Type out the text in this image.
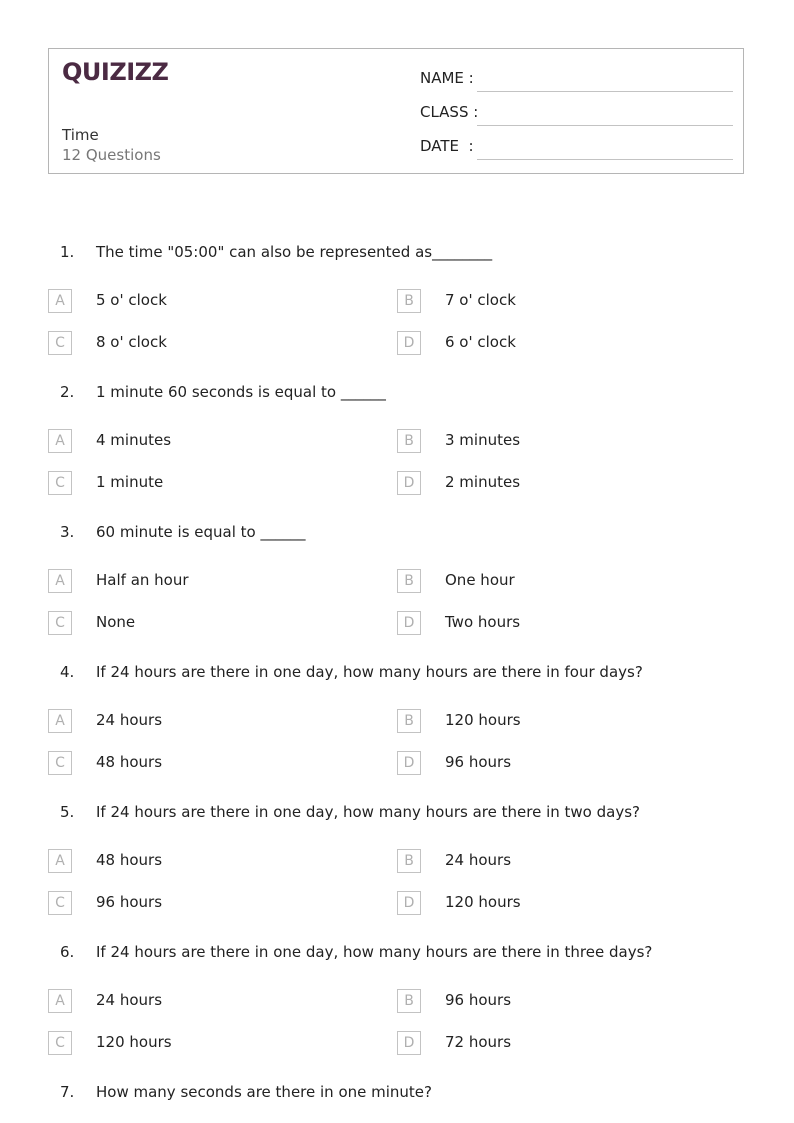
QUIZIZZ
Time
12 Questions
NAME :
CLASS :
DATE  :
1. The time "05:00" can also be represented as________
A	5 o' clock	B	7 o' clock
C	8 o' clock	D	6 o' clock
2. 1 minute 60 seconds is equal to ______
A	4 minutes	B	3 minutes
C	1 minute	D	2 minutes
3. 60 minute is equal to ______
A	Half an hour	B	One hour
C	None	D	Two hours
4. If 24 hours are there in one day, how many hours are there in four days?
A	24 hours	B	120 hours
C	48 hours	D	96 hours
5. If 24 hours are there in one day, how many hours are there in two days?
A	48 hours	B	24 hours
C	96 hours	D	120 hours
6. If 24 hours are there in one day, how many hours are there in three days?
A	24 hours	B	96 hours
C	120 hours	D	72 hours
7. How many seconds are there in one minute?
